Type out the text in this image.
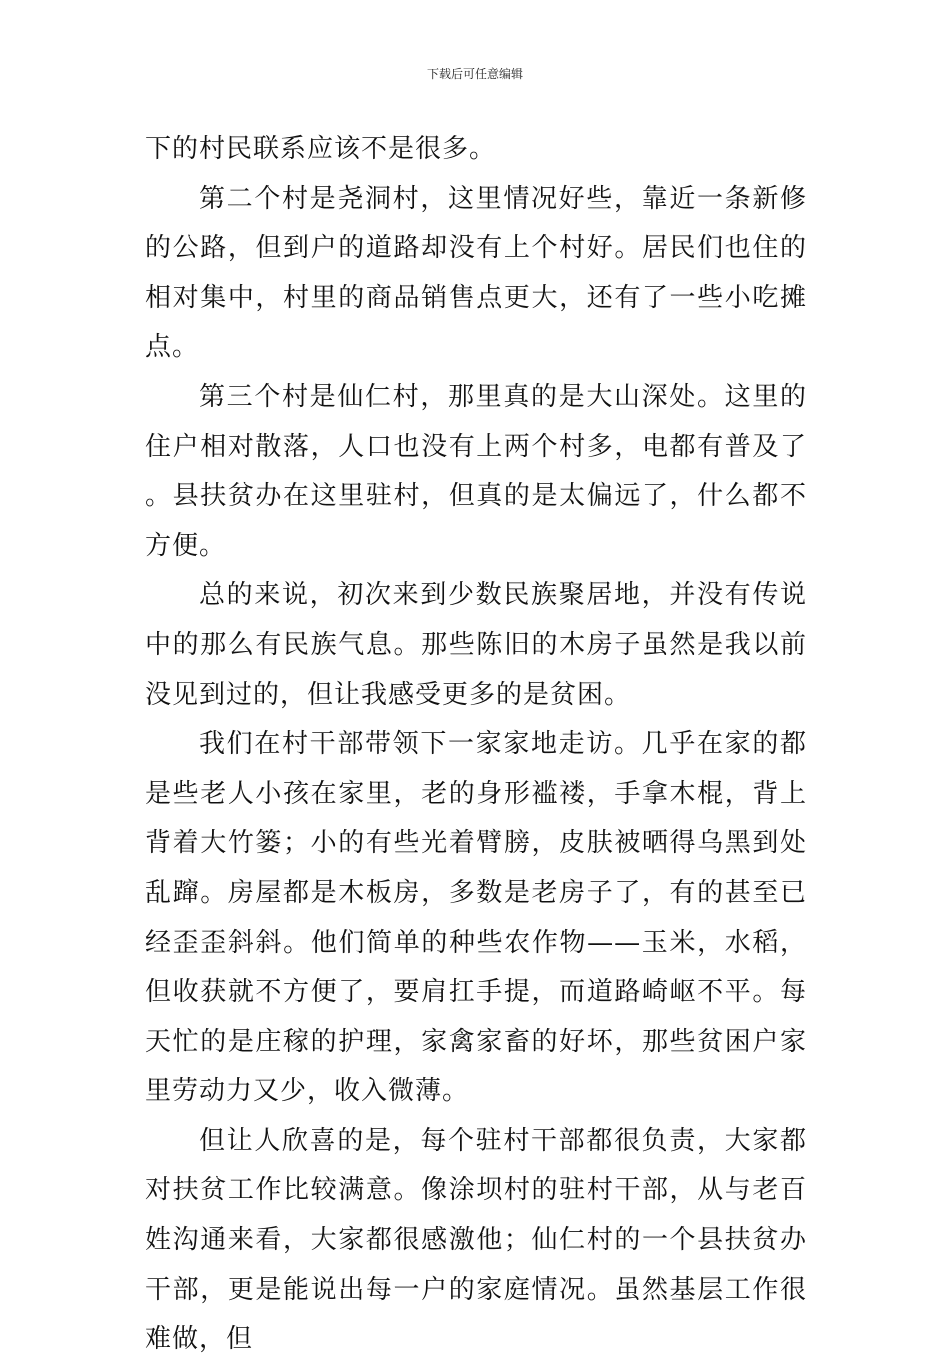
下载后可任意编辑

下的村民联系应该不是很多。

第二个村是尧洞村，这里情况好些，靠近一条新修的公路，但到户的道路却没有上个村好。居民们也住的相对集中，村里的商品销售点更大，还有了一些小吃摊点。

第三个村是仙仁村，那里真的是大山深处。这里的住户相对散落，人口也没有上两个村多，电都有普及了。县扶贫办在这里驻村，但真的是太偏远了，什么都不方便。

总的来说，初次来到少数民族聚居地，并没有传说中的那么有民族气息。那些陈旧的木房子虽然是我以前没见到过的，但让我感受更多的是贫困。

我们在村干部带领下一家家地走访。几乎在家的都是些老人小孩在家里，老的身形褴褛，手拿木棍，背上背着大竹篓；小的有些光着臂膀，皮肤被晒得乌黑到处乱蹿。房屋都是木板房，多数是老房子了，有的甚至已经歪歪斜斜。他们简单的种些农作物——玉米，水稻，但收获就不方便了，要肩扛手提，而道路崎岖不平。每天忙的是庄稼的护理，家禽家畜的好坏，那些贫困户家里劳动力又少，收入微薄。

但让人欣喜的是，每个驻村干部都很负责，大家都对扶贫工作比较满意。像涂坝村的驻村干部，从与老百姓沟通来看，大家都很感激他；仙仁村的一个县扶贫办干部，更是能说出每一户的家庭情况。虽然基层工作很难做，但
